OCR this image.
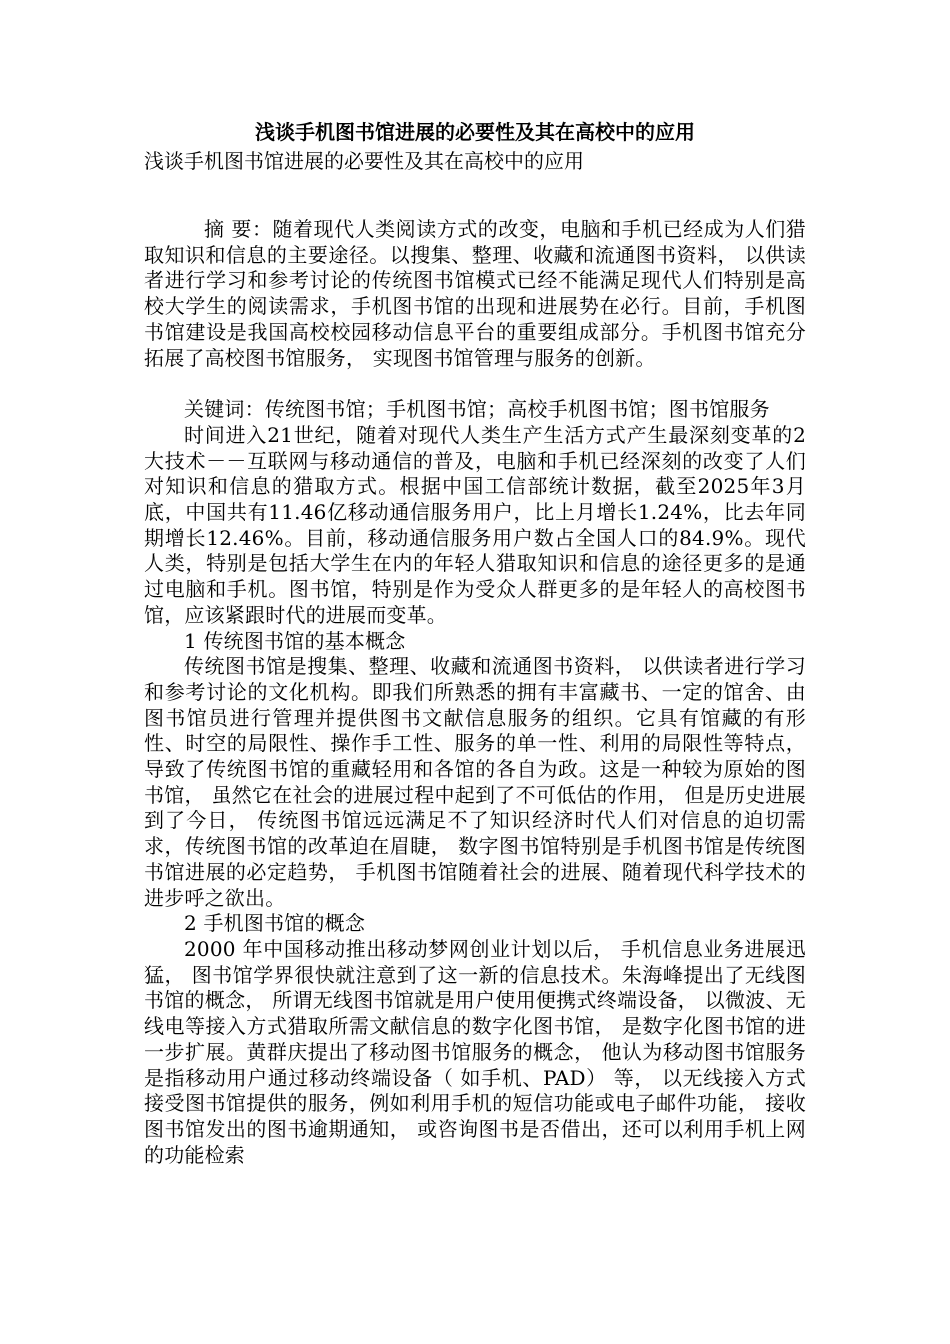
浅谈手机图书馆进展的必要性及其在高校中的应用
浅谈手机图书馆进展的必要性及其在高校中的应用

摘 要：随着现代人类阅读方式的改变，电脑和手机已经成为人们猎取知识和信息的主要途径。以搜集、整理、收藏和流通图书资料， 以供读者进行学习和参考讨论的传统图书馆模式已经不能满足现代人们特别是高校大学生的阅读需求，手机图书馆的出现和进展势在必行。目前，手机图书馆建设是我国高校校园移动信息平台的重要组成部分。手机图书馆充分拓展了高校图书馆服务， 实现图书馆管理与服务的创新。

关键词：传统图书馆；手机图书馆；高校手机图书馆；图书馆服务

时间进入21世纪，随着对现代人类生产生活方式产生最深刻变革的2大技术－－互联网与移动通信的普及，电脑和手机已经深刻的改变了人们对知识和信息的猎取方式。根据中国工信部统计数据，截至2025年3月底，中国共有11.46亿移动通信服务用户，比上月增长1.24%，比去年同期增长12.46%。目前，移动通信服务用户数占全国人口的84.9%。现代人类，特别是包括大学生在内的年轻人猎取知识和信息的途径更多的是通过电脑和手机。图书馆，特别是作为受众人群更多的是年轻人的高校图书馆，应该紧跟时代的进展而变革。

1 传统图书馆的基本概念

传统图书馆是搜集、整理、收藏和流通图书资料， 以供读者进行学习和参考讨论的文化机构。即我们所熟悉的拥有丰富藏书、一定的馆舍、由图书馆员进行管理并提供图书文献信息服务的组织。它具有馆藏的有形性、时空的局限性、操作手工性、服务的单一性、利用的局限性等特点， 导致了传统图书馆的重藏轻用和各馆的各自为政。这是一种较为原始的图书馆， 虽然它在社会的进展过程中起到了不可低估的作用， 但是历史进展到了今日， 传统图书馆远远满足不了知识经济时代人们对信息的迫切需求，传统图书馆的改革迫在眉睫， 数字图书馆特别是手机图书馆是传统图书馆进展的必定趋势， 手机图书馆随着社会的进展、随着现代科学技术的进步呼之欲出。

2 手机图书馆的概念

2000 年中国移动推出移动梦网创业计划以后， 手机信息业务进展迅猛， 图书馆学界很快就注意到了这一新的信息技术。朱海峰提出了无线图书馆的概念， 所谓无线图书馆就是用户使用便携式终端设备， 以微波、无线电等接入方式猎取所需文献信息的数字化图书馆， 是数字化图书馆的进一步扩展。黄群庆提出了移动图书馆服务的概念， 他认为移动图书馆服务是指移动用户通过移动终端设备（ 如手机、PAD） 等， 以无线接入方式接受图书馆提供的服务，例如利用手机的短信功能或电子邮件功能， 接收图书馆发出的图书逾期通知， 或咨询图书是否借出，还可以利用手机上网的功能检索
